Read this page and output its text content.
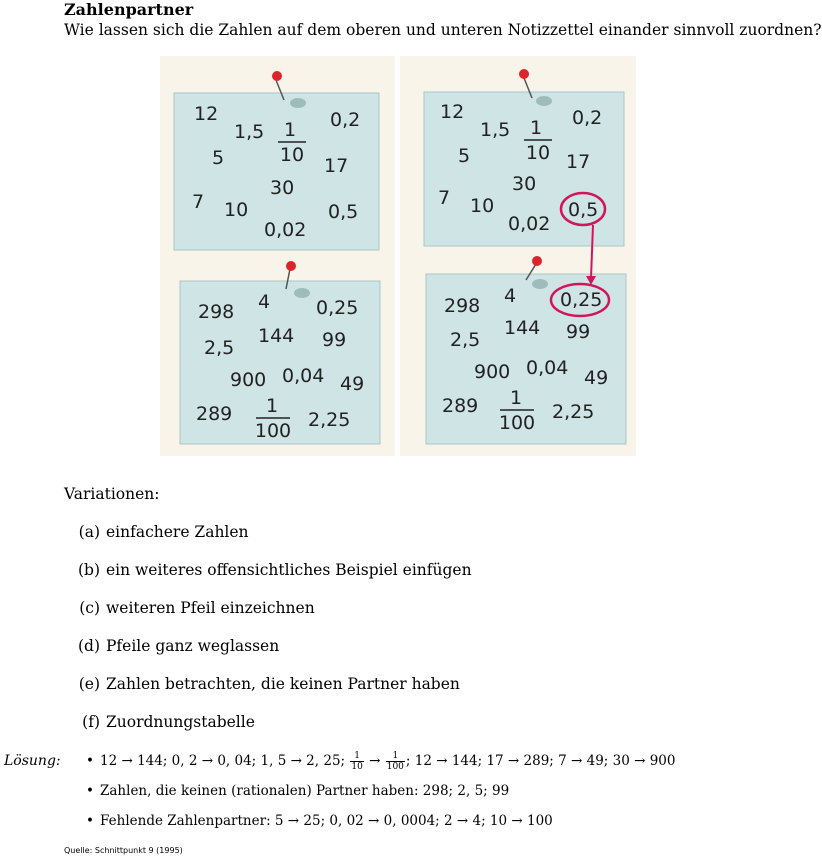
Zahlenpartner
Wie lassen sich die Zahlen auf dem oberen und unteren Notizzettel einander sinnvoll zuordnen?
12
1,5
0,2
5	17
30
7 10	0,5
0,02
1
10
298 4 0,25
2,5
144 99
900 0,04 49
289	2,25
1
100
12
1,5
0,2
5	17
30
7 10	0,5
0,02
1
10
298 4 0,25
2,5
144 99
900 0,04 49
289	2,25
1
100
Variationen:
(a) einfachere Zahlen
(b) ein weiteres offensichtliches Beispiel einfügen
(c) weiteren Pfeil einzeichnen
(d) Pfeile ganz weglassen
(e) Zahlen betrachten, die keinen Partner haben
(f) Zuordnungstabelle
Lösung: • 12 → 144; 0, 2 → 0, 04; 1, 5 → 2, 25; $\frac{1}{10} \to \frac{1}{100}$ ; 12 → 144; 17 → 289; 7 → 49; 30 → 900
• Zahlen, die keinen (rationalen) Partner haben: 298; 2, 5; 99
• Fehlende Zahlenpartner: 5 → 25; 0, 02 → 0, 0004; 2 → 4; 10 → 100
Quelle: Schnittpunkt 9 (1995)
